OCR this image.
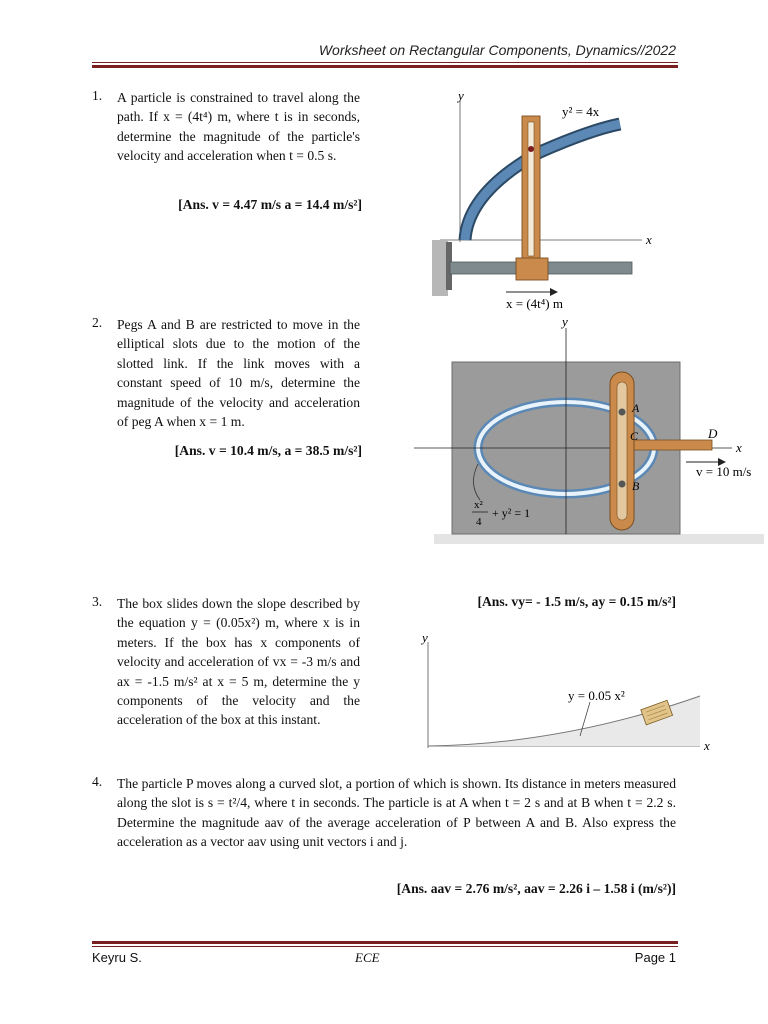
Worksheet on Rectangular Components, Dynamics//2022
1. A particle is constrained to travel along the path. If x = (4t⁴) m, where t is in seconds, determine the magnitude of the particle's velocity and acceleration when t = 0.5 s.
[Ans. v = 4.47 m/s a = 14.4 m/s²]
y
x
y² = 4x
x = (4t⁴) m
2. Pegs A and B are restricted to move in the elliptical slots due to the motion of the slotted link. If the link moves with a constant speed of 10 m/s, determine the magnitude of the velocity and acceleration of peg A when x = 1 m.
[Ans. v = 10.4 m/s, a = 38.5 m/s²]
y
x
A
C
B
D
v = 10 m/s
x²
4
+ y² = 1
3. The box slides down the slope described by the equation y = (0.05x²) m, where x is in meters. If the box has x components of velocity and acceleration of vx = -3 m/s and ax = -1.5 m/s² at x = 5 m, determine the y components of the velocity and the acceleration of the box at this instant.
[Ans. vy= - 1.5 m/s, ay = 0.15 m/s²]
y
x
y = 0.05 x²
4. The particle P moves along a curved slot, a portion of which is shown. Its distance in meters measured along the slot is s = t²/4, where t in seconds. The particle is at A when t = 2 s and at B when t = 2.2 s. Determine the magnitude aav of the average acceleration of P between A and B. Also express the acceleration as a vector aav using unit vectors i and j.
[Ans. aav = 2.76 m/s², aav = 2.26 i – 1.58 i (m/s²)]
Keyru S.	ECE	Page 1
